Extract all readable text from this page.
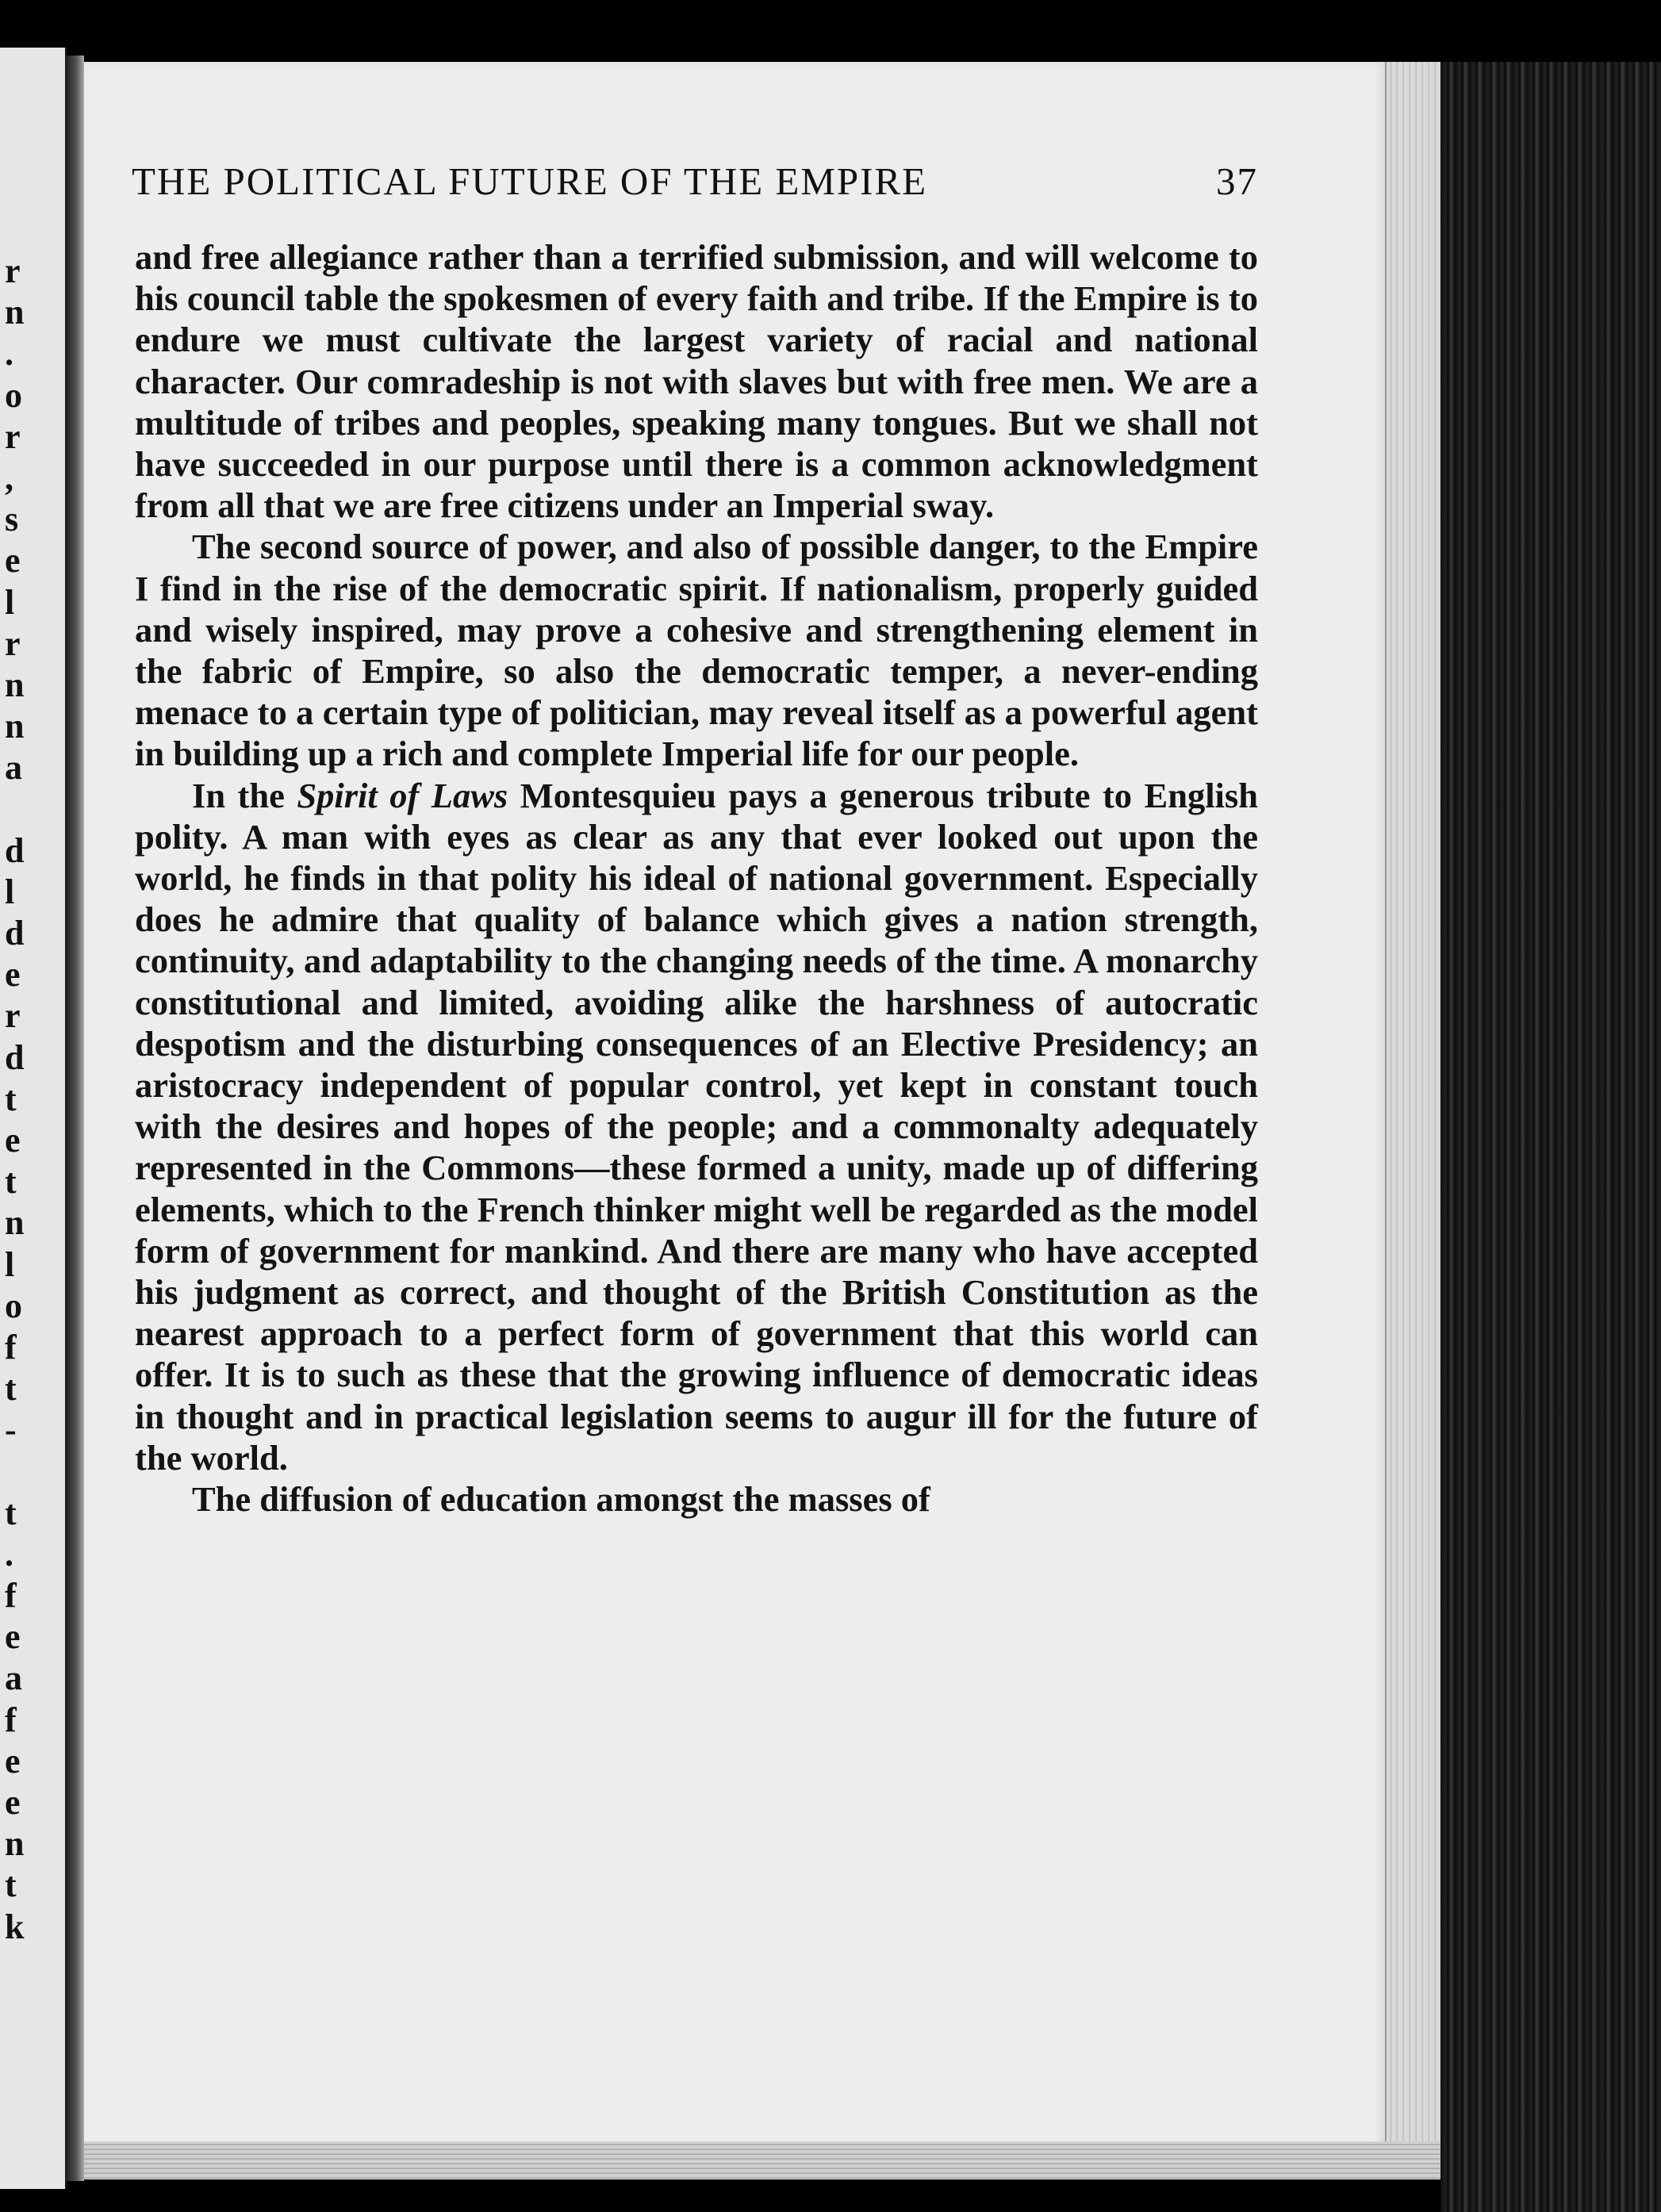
r
n
.
o
r
,
s
e
l
r
n
n
a
d
l
d
e
r
d
t
e
t
n
l
o
f
t
-
t
.
f
e
a
f
e
e
n
t
k
THE POLITICAL FUTURE OF THE EMPIRE	37

and free allegiance rather than a terrified submission, and will welcome to his council table the spokesmen of every faith and tribe. If the Empire is to endure we must cultivate the largest variety of racial and national character. Our comradeship is not with slaves but with free men. We are a multitude of tribes and peoples, speaking many tongues. But we shall not have succeeded in our purpose until there is a common acknowledgment from all that we are free citizens under an Imperial sway.

The second source of power, and also of possible danger, to the Empire I find in the rise of the democratic spirit. If nationalism, properly guided and wisely inspired, may prove a cohesive and strengthening element in the fabric of Empire, so also the democratic temper, a never-ending menace to a certain type of politician, may reveal itself as a powerful agent in building up a rich and complete Imperial life for our people.

In the Spirit of Laws Montesquieu pays a generous tribute to English polity. A man with eyes as clear as any that ever looked out upon the world, he finds in that polity his ideal of national government. Especially does he admire that quality of balance which gives a nation strength, continuity, and adaptability to the changing needs of the time. A monarchy constitutional and limited, avoiding alike the harshness of autocratic despotism and the disturbing consequences of an Elective Presidency; an aristocracy independent of popular control, yet kept in constant touch with the desires and hopes of the people; and a commonalty adequately represented in the Commons—these formed a unity, made up of differing elements, which to the French thinker might well be regarded as the model form of government for mankind. And there are many who have accepted his judgment as correct, and thought of the British Constitution as the nearest approach to a perfect form of government that this world can offer. It is to such as these that the growing influence of democratic ideas in thought and in practical legislation seems to augur ill for the future of the world.

The diffusion of education amongst the masses of
